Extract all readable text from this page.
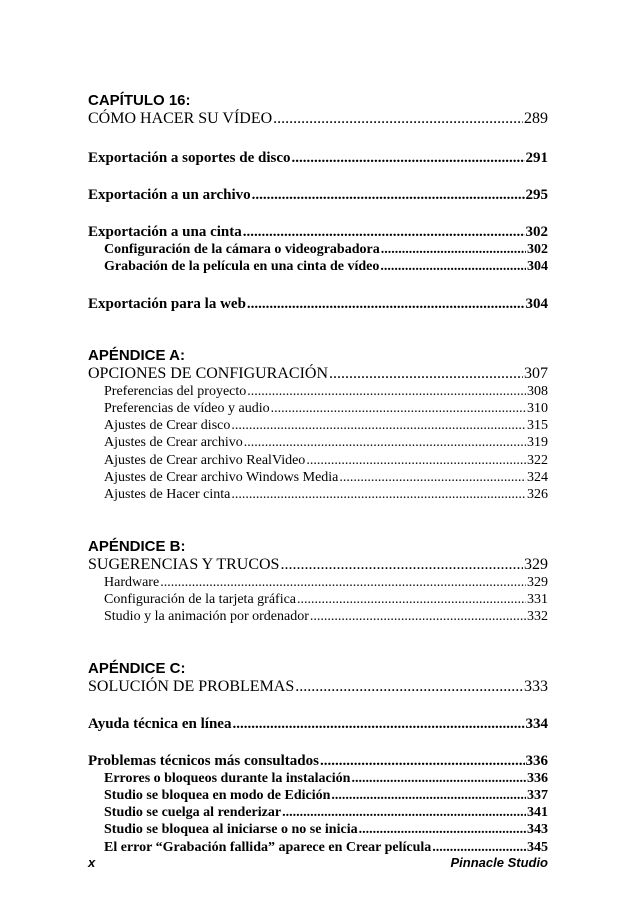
CAPÍTULO 16:
CÓMO HACER SU VÍDEO .....	289
Exportación a soportes de disco .....	291
Exportación a un archivo .....	295
Exportación a una cinta .....	302
Configuración de la cámara o videograbadora .....	302
Grabación de la película en una cinta de vídeo .....	304
Exportación para la web .....	304
APÉNDICE A:
OPCIONES DE CONFIGURACIÓN .....	307
Preferencias del proyecto .....	308
Preferencias de vídeo y audio .....	310
Ajustes de Crear disco .....	315
Ajustes de Crear archivo .....	319
Ajustes de Crear archivo RealVideo .....	322
Ajustes de Crear archivo Windows Media .....	324
Ajustes de Hacer cinta .....	326
APÉNDICE B:
SUGERENCIAS Y TRUCOS .....	329
Hardware .....	329
Configuración de la tarjeta gráfica .....	331
Studio y la animación por ordenador .....	332
APÉNDICE C:
SOLUCIÓN DE PROBLEMAS .....	333
Ayuda técnica en línea .....	334
Problemas técnicos más consultados .....	336
Errores o bloqueos durante la instalación .....	336
Studio se bloquea en modo de Edición .....	337
Studio se cuelga al renderizar .....	341
Studio se bloquea al iniciarse o no se inicia .....	343
El error “Grabación fallida” aparece en Crear película .....	345
x	Pinnacle Studio
